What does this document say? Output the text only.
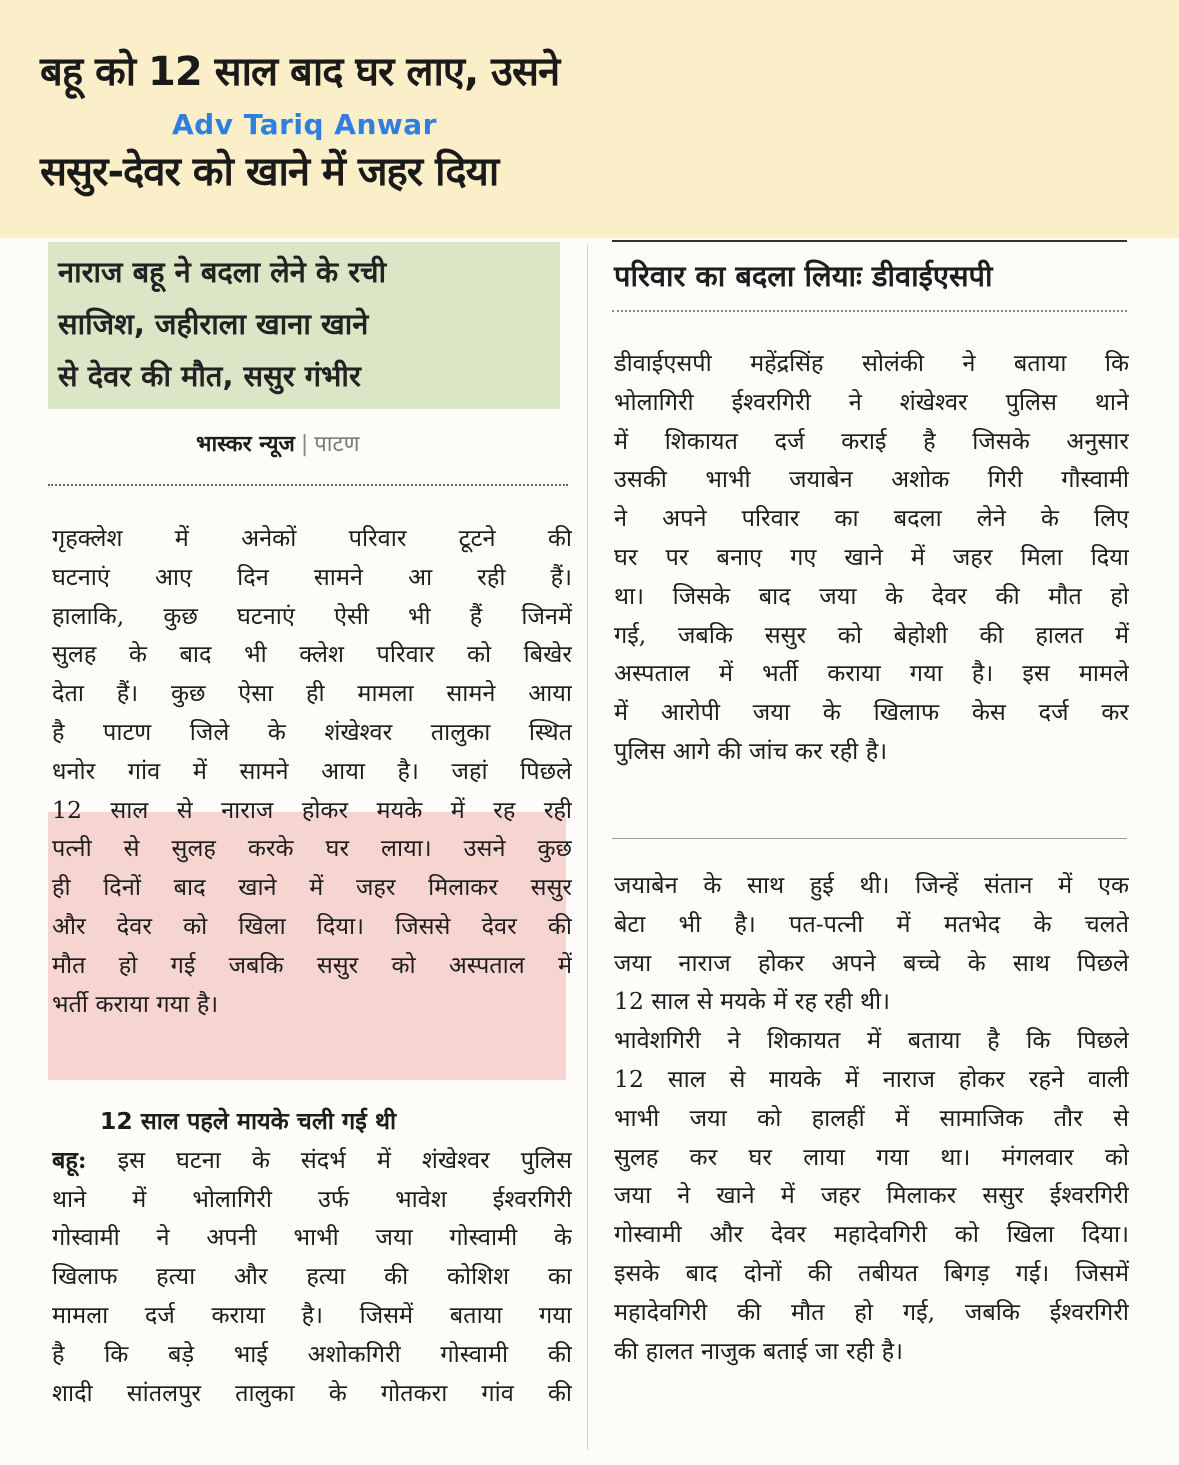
बहू को 12 साल बाद घर लाए, उसने
ससुर-देवर को खाने में जहर दिया
Adv Tariq Anwar
नाराज बहू ने बदला लेने के रची
साजिश, जहीराला खाना खाने
से देवर की मौत, ससुर गंभीर
भास्कर न्यूज | पाटण
गृहक्लेश में अनेकों परिवार टूटने की
घटनाएं आए दिन सामने आ रही हैं।
हालाकि, कुछ घटनाएं ऐसी भी हैं जिनमें
सुलह के बाद भी क्लेश परिवार को बिखेर
देता हैं। कुछ ऐसा ही मामला सामने आया
है पाटण जिले के शंखेश्वर तालुका स्थित
धनोर गांव में सामने आया है। जहां पिछले
12 साल से नाराज होकर मयके में रह रही
पत्नी से सुलह करके घर लाया। उसने कुछ
ही दिनों बाद खाने में जहर मिलाकर ससुर
और देवर को खिला दिया। जिससे देवर की
मौत हो गई जबकि ससुर को अस्पताल में
भर्ती कराया गया है।
12 साल पहले मायके चली गई थी
बहू: इस घटना के संदर्भ में शंखेश्वर पुलिस
थाने में भोलागिरी उर्फ भावेश ईश्वरगिरी
गोस्वामी ने अपनी भाभी जया गोस्वामी के
खिलाफ हत्या और हत्या की कोशिश का
मामला दर्ज कराया है। जिसमें बताया गया
है कि बड़े भाई अशोकगिरी गोस्वामी की
शादी सांतलपुर तालुका के गोतकरा गांव की
परिवार का बदला लियाः डीवाईएसपी
डीवाईएसपी महेंद्रसिंह सोलंकी ने बताया कि
भोलागिरी ईश्वरगिरी ने शंखेश्वर पुलिस थाने
में शिकायत दर्ज कराई है जिसके अनुसार
उसकी भाभी जयाबेन अशोक गिरी गौस्वामी
ने अपने परिवार का बदला लेने के लिए
घर पर बनाए गए खाने में जहर मिला दिया
था। जिसके बाद जया के देवर की मौत हो
गई, जबकि ससुर को बेहोशी की हालत में
अस्पताल में भर्ती कराया गया है। इस मामले
में आरोपी जया के खिलाफ केस दर्ज कर
पुलिस आगे की जांच कर रही है।
जयाबेन के साथ हुई थी। जिन्हें संतान में एक
बेटा भी है। पत-पत्नी में मतभेद के चलते
जया नाराज होकर अपने बच्चे के साथ पिछले
12 साल से मयके में रह रही थी।
भावेशगिरी ने शिकायत में बताया है कि पिछले
12 साल से मायके में नाराज होकर रहने वाली
भाभी जया को हालहीं में सामाजिक तौर से
सुलह कर घर लाया गया था। मंगलवार को
जया ने खाने में जहर मिलाकर ससुर ईश्वरगिरी
गोस्वामी और देवर महादेवगिरी को खिला दिया।
इसके बाद दोनों की तबीयत बिगड़ गई। जिसमें
महादेवगिरी की मौत हो गई, जबकि ईश्वरगिरी
की हालत नाजुक बताई जा रही है।
